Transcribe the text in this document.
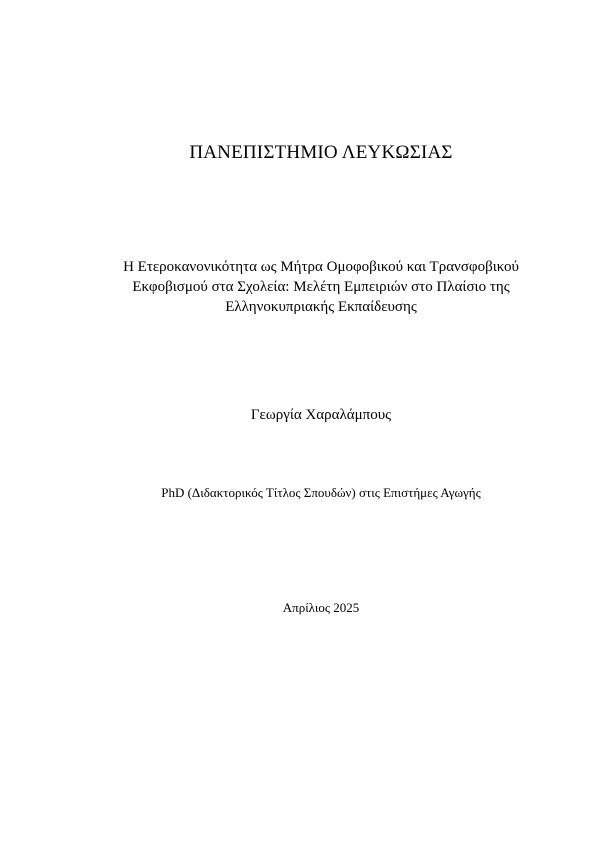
ΠΑΝΕΠΙΣΤΗΜΙΟ ΛΕΥΚΩΣΙΑΣ
Η Ετεροκανονικότητα ως Μήτρα Ομοφοβικού και Τρανσφοβικού
Εκφοβισμού στα Σχολεία: Μελέτη Εμπειριών στο Πλαίσιο της
Ελληνοκυπριακής Εκπαίδευσης

Γεωργία Χαραλάμπους

PhD (Διδακτορικός Τίτλος Σπουδών) στις Επιστήμες Αγωγής

Απρίλιος 2025
